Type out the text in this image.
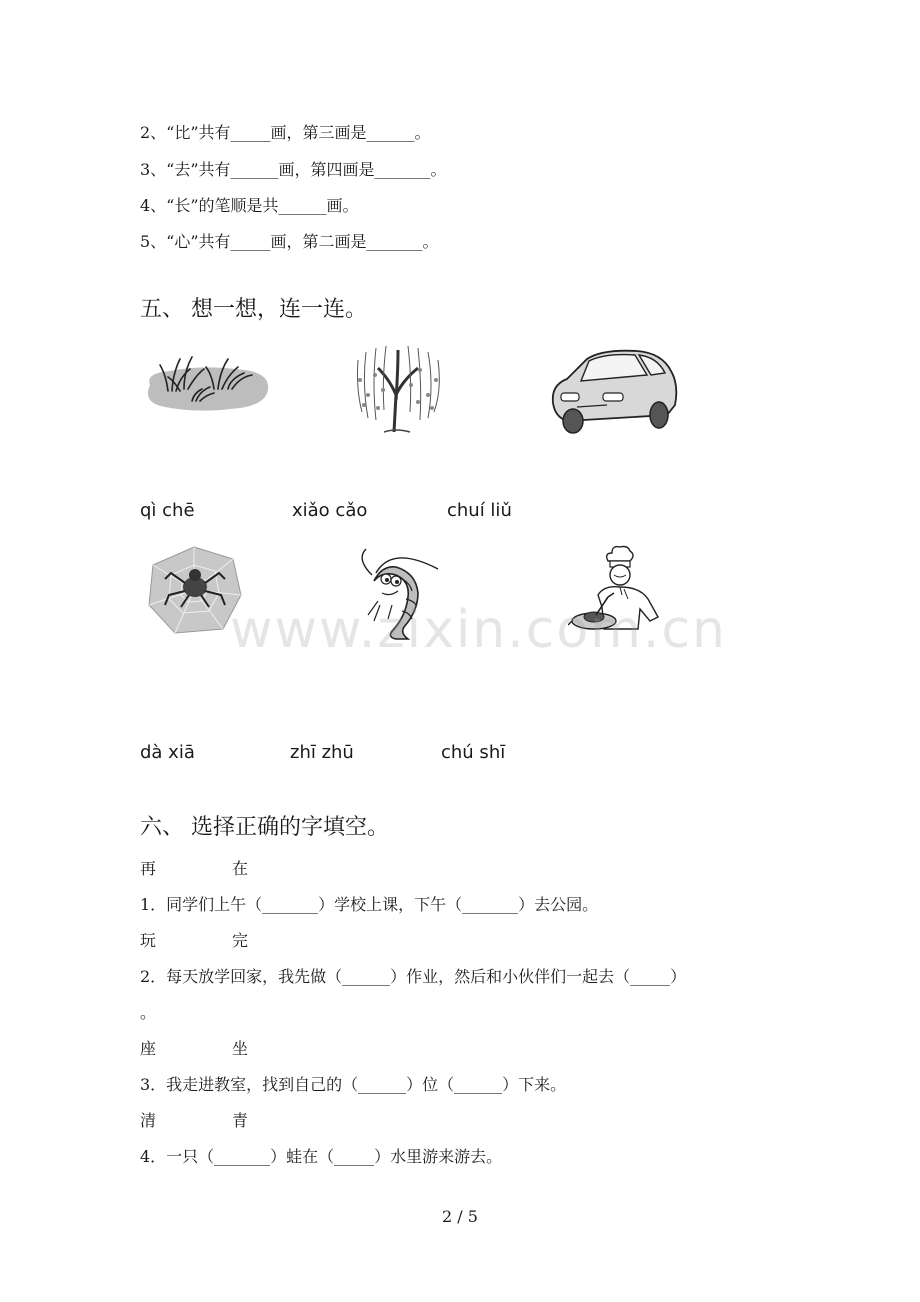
2、“比”共有_____画，第三画是______。
3、“去”共有______画，第四画是_______。
4、“长”的笔顺是共______画。
5、“心”共有_____画，第二画是_______。
五、 想一想，连一连。
qì chē	xiǎo cǎo	chuí liǔ
dà xiā	zhī zhū	chú shī
六、 选择正确的字填空。
再	在
1．同学们上午（_______）学校上课，下午（_______）去公园。
玩	完
2．每天放学回家，我先做（______）作业，然后和小伙伴们一起去（_____）
。
座	坐
3．我走进教室，找到自己的（______）位（______）下来。
清	青
4．一只（_______）蛙在（_____）水里游来游去。
www.zixin.com.cn
2 / 5
